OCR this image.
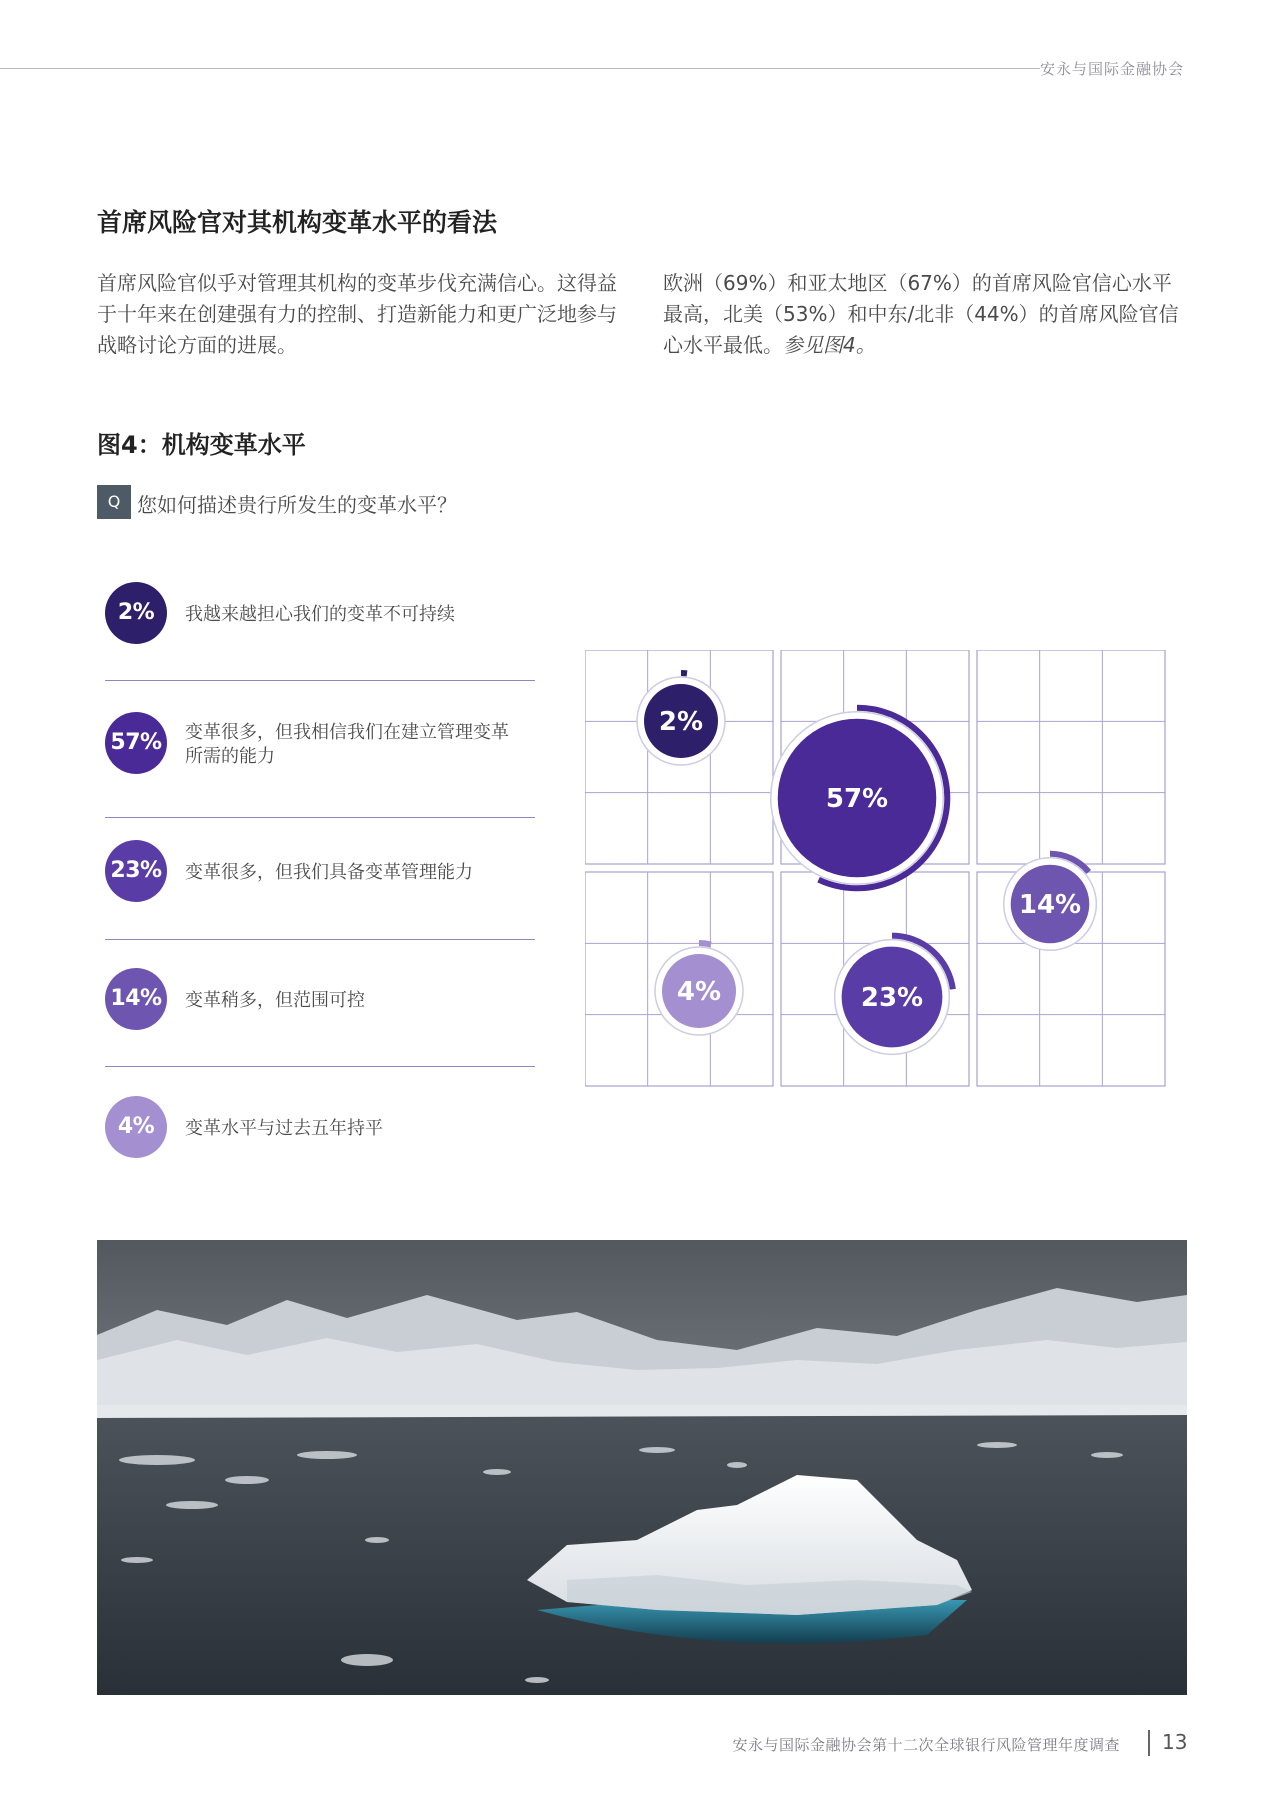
安永与国际金融协会
首席风险官对其机构变革水平的看法
首席风险官似乎对管理其机构的变革步伐充满信心。这得益于十年来在创建强有力的控制、打造新能力和更广泛地参与战略讨论方面的进展。
欧洲（69%）和亚太地区（67%）的首席风险官信心水平最高，北美（53%）和中东/北非（44%）的首席风险官信心水平最低。参见图4。
图4：机构变革水平
Q 您如何描述贵行所发生的变革水平？
2%	我越来越担心我们的变革不可持续
57%	变革很多，但我相信我们在建立管理变革所需的能力
23%	变革很多，但我们具备变革管理能力
14%	变革稍多，但范围可控
4%	变革水平与过去五年持平
2%
57%
23%
14%
4%
安永与国际金融协会第十二次全球银行风险管理年度调查 13
